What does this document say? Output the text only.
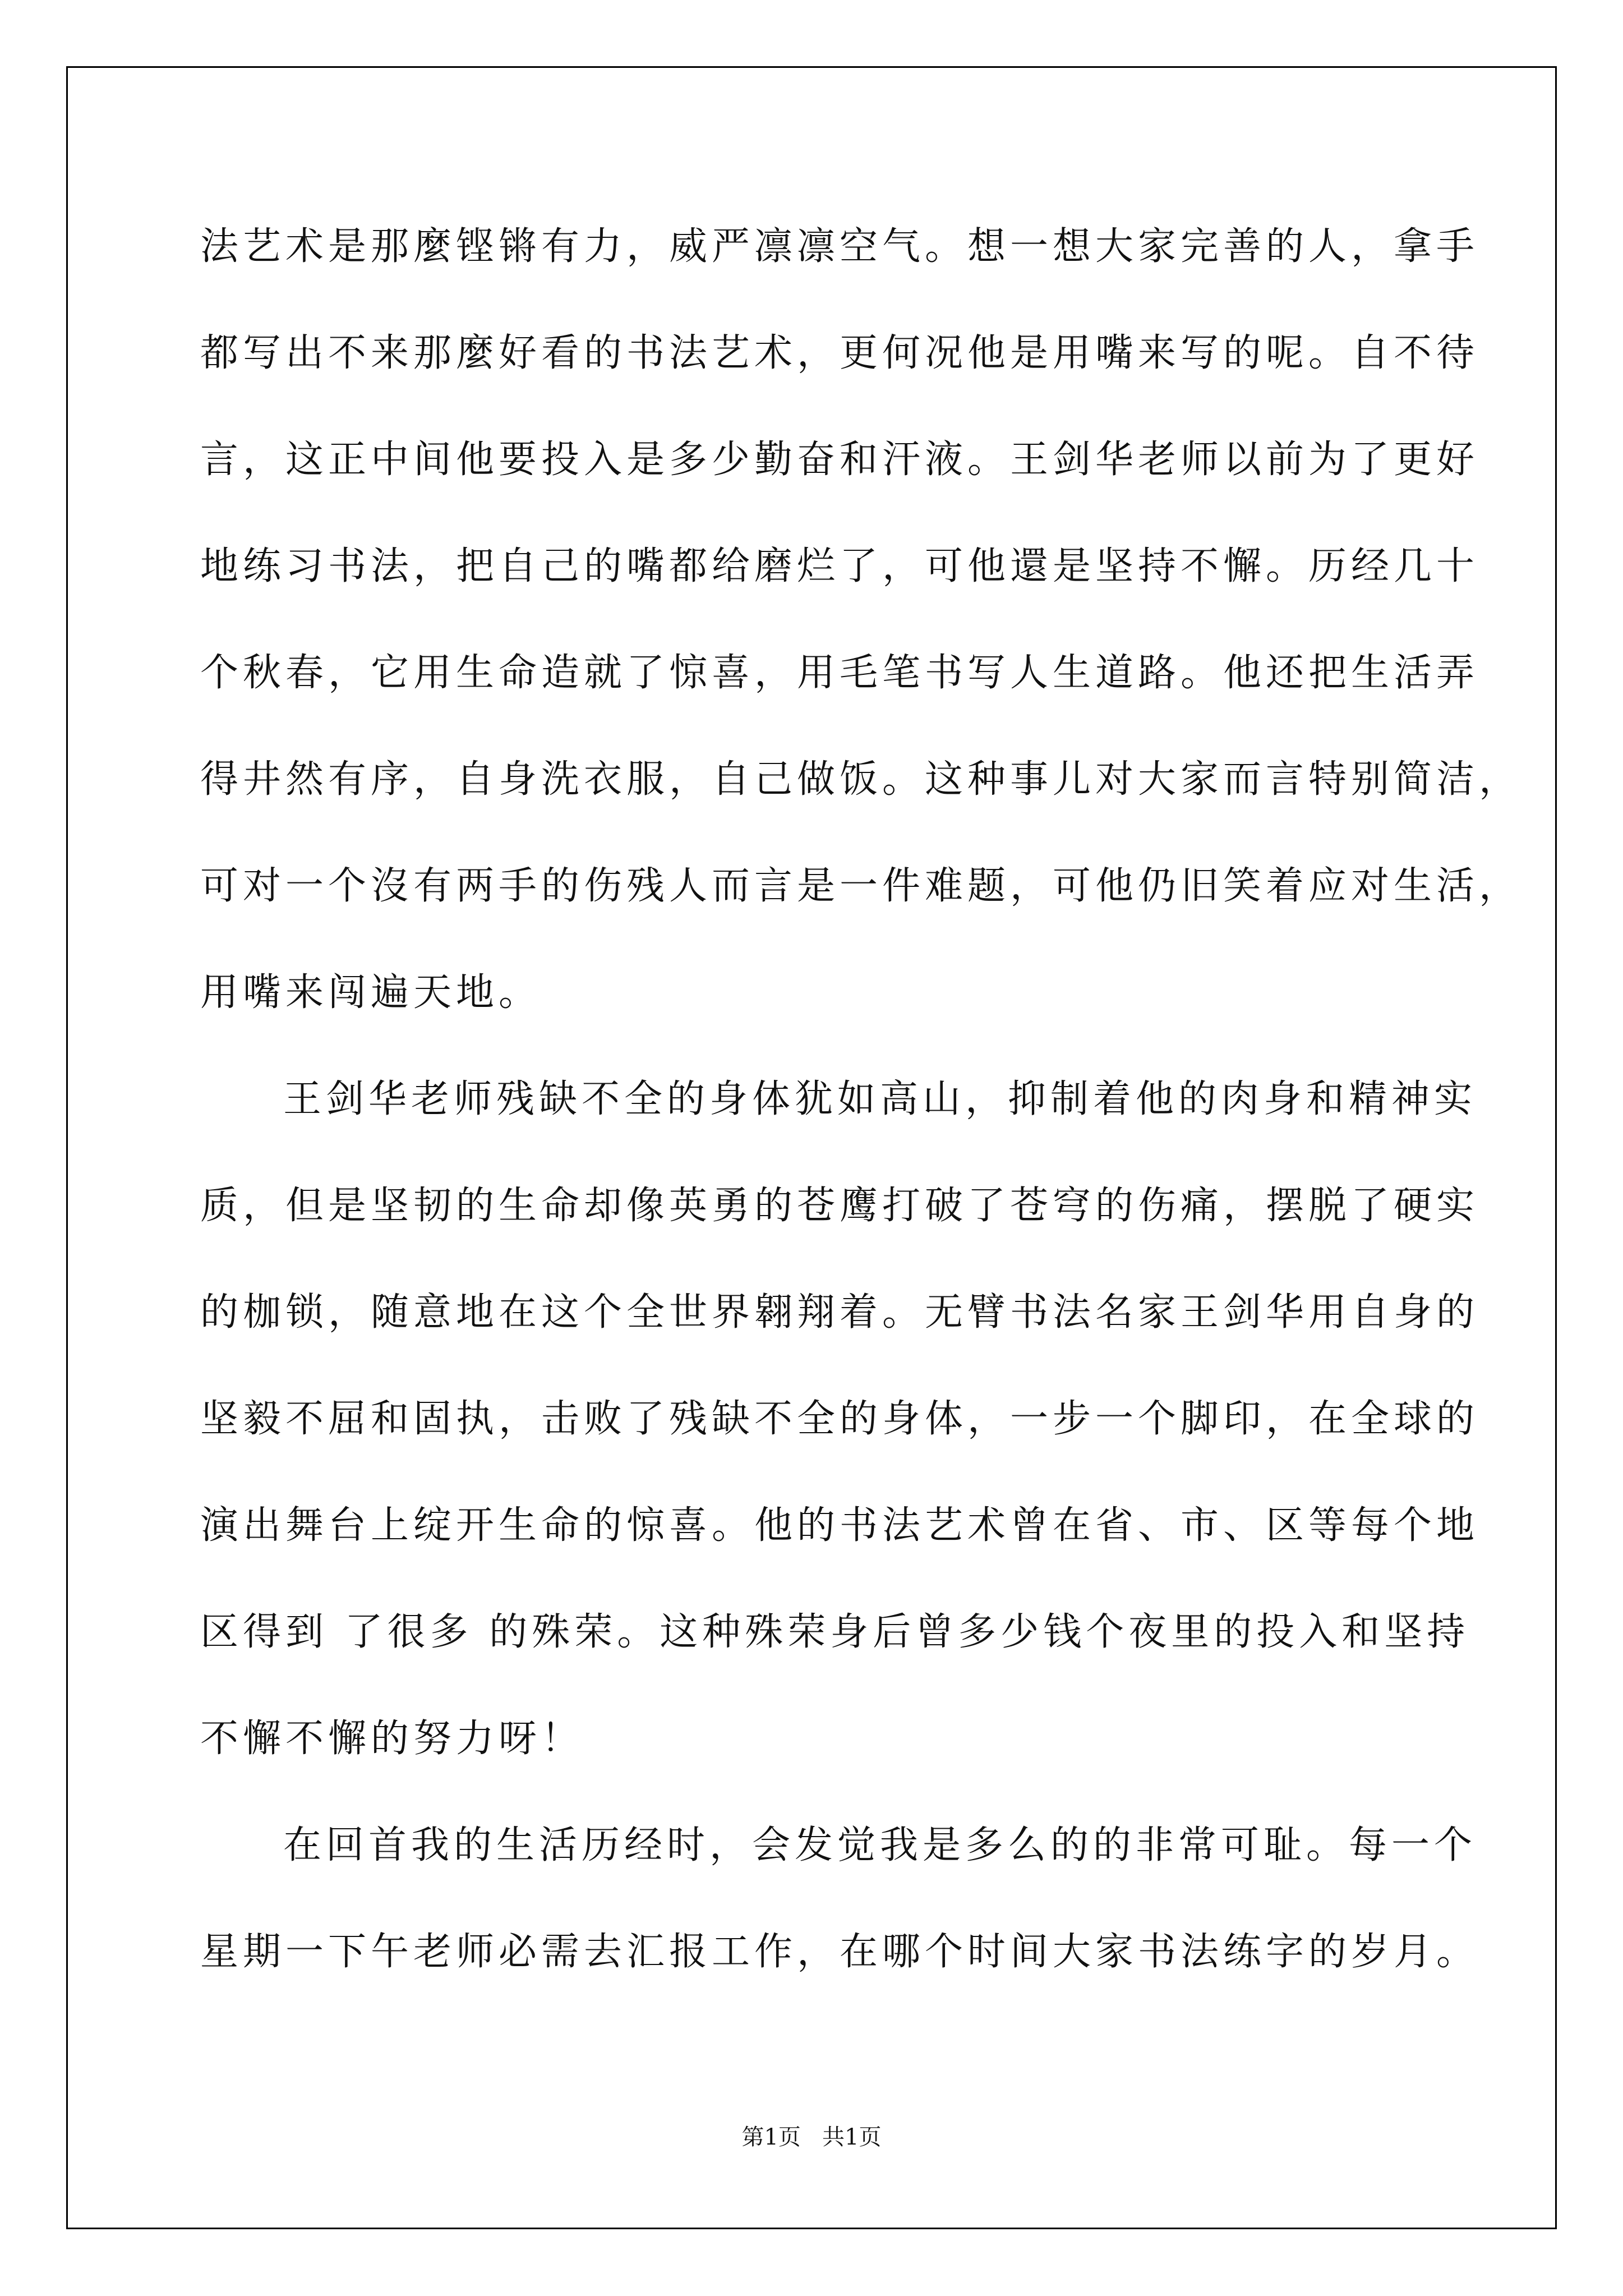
法艺术是那麼铿锵有力，威严凛凛空气。想一想大家完善的人，拿手
都写出不来那麼好看的书法艺术，更何况他是用嘴来写的呢。自不待
言，这正中间他要投入是多少勤奋和汗液。王剑华老师以前为了更好
地练习书法，把自己的嘴都给磨烂了，可他還是坚持不懈。历经几十
个秋春，它用生命造就了惊喜，用毛笔书写人生道路。他还把生活弄
得井然有序，自身洗衣服，自己做饭。这种事儿对大家而言特别简洁，
可对一个沒有两手的伤残人而言是一件难题，可他仍旧笑着应对生活，
用嘴来闯遍天地。
王剑华老师残缺不全的身体犹如高山，抑制着他的肉身和精神实
质，但是坚韧的生命却像英勇的苍鹰打破了苍穹的伤痛，摆脱了硬实
的枷锁，随意地在这个全世界翱翔着。无臂书法名家王剑华用自身的
坚毅不屈和固执，击败了残缺不全的身体，一步一个脚印，在全球的
演出舞台上绽开生命的惊喜。他的书法艺术曾在省、市、区等每个地
区得到 了很多 的殊荣。这种殊荣身后曾多少钱个夜里的投入和坚持
不懈不懈的努力呀！
在回首我的生活历经时，会发觉我是多么的的非常可耻。每一个
星期一下午老师必需去汇报工作，在哪个时间大家书法练字的岁月。
第1页   共1页
